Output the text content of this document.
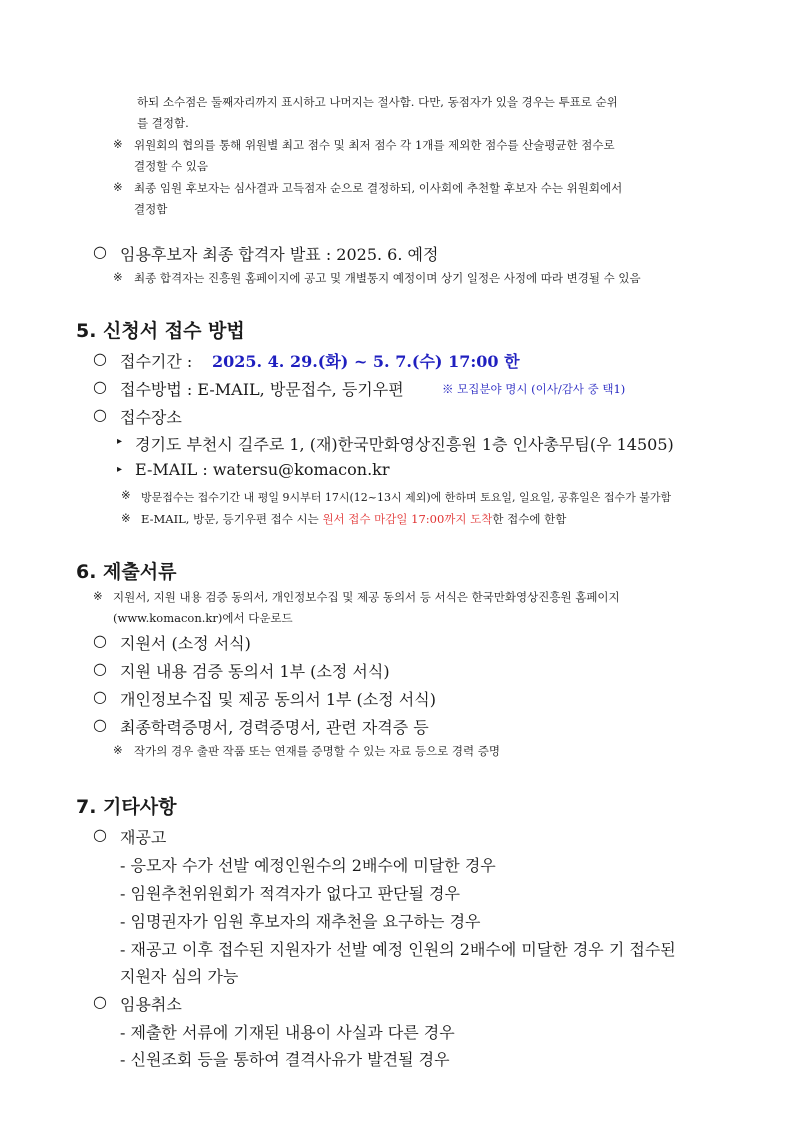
하되 소수점은 둘째자리까지 표시하고 나머지는 절사함. 다만, 동점자가 있을 경우는 투표로 순위
를 결정함.
※ 위원회의 협의를 통해 위원별 최고 점수 및 최저 점수 각 1개를 제외한 점수를 산술평균한 점수로
결정할 수 있음
※ 최종 임원 후보자는 심사결과 고득점자 순으로 결정하되, 이사회에 추천할 후보자 수는 위원회에서
결정함
○ 임용후보자 최종 합격자 발표 : 2025. 6. 예정
※ 최종 합격자는 진흥원 홈페이지에 공고 및 개별통지 예정이며 상기 일정은 사정에 따라 변경될 수 있음
5. 신청서 접수 방법
○ 접수기간 : 2025. 4. 29.(화) ~ 5. 7.(수) 17:00 한
○ 접수방법 : E-MAIL, 방문접수, 등기우편	※ 모집분야 명시 (이사/감사 중 택1)
○ 접수장소
▸ 경기도 부천시 길주로 1, (재)한국만화영상진흥원 1층 인사총무팀(우 14505)
▸ E-MAIL : watersu@komacon.kr
※ 방문접수는 접수기간 내 평일 9시부터 17시(12~13시 제외)에 한하며 토요일, 일요일, 공휴일은 접수가 불가함
※ E-MAIL, 방문, 등기우편 접수 시는 원서 접수 마감일 17:00까지 도착한 접수에 한함
6. 제출서류
※ 지원서, 지원 내용 검증 동의서, 개인정보수집 및 제공 동의서 등 서식은 한국만화영상진흥원 홈페이지
(www.komacon.kr)에서 다운로드
○ 지원서 (소정 서식)
○ 지원 내용 검증 동의서 1부 (소정 서식)
○ 개인정보수집 및 제공 동의서 1부 (소정 서식)
○ 최종학력증명서, 경력증명서, 관련 자격증 등
※ 작가의 경우 출판 작품 또는 연재를 증명할 수 있는 자료 등으로 경력 증명
7. 기타사항
○ 재공고
- 응모자 수가 선발 예정인원수의 2배수에 미달한 경우
- 임원추천위원회가 적격자가 없다고 판단될 경우
- 임명권자가 임원 후보자의 재추천을 요구하는 경우
- 재공고 이후 접수된 지원자가 선발 예정 인원의 2배수에 미달한 경우 기 접수된
지원자 심의 가능
○ 임용취소
- 제출한 서류에 기재된 내용이 사실과 다른 경우
- 신원조회 등을 통하여 결격사유가 발견될 경우
